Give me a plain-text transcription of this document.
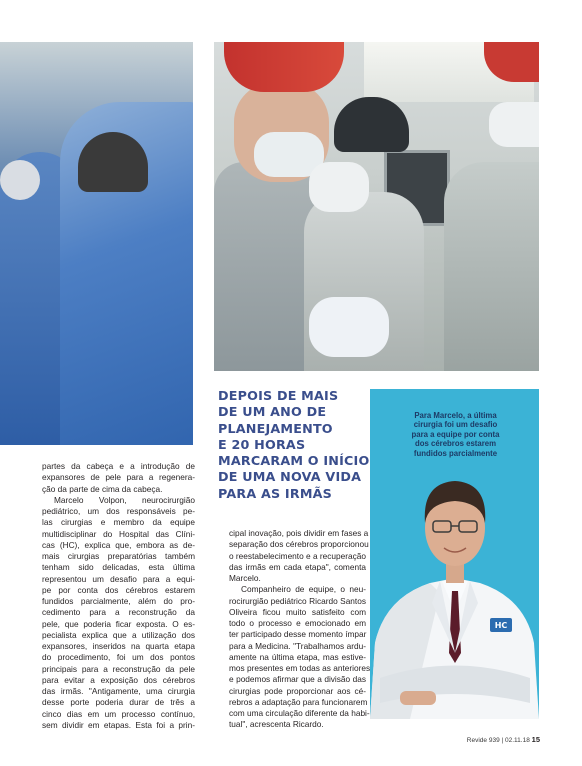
DEPOIS DE MAIS
DE UM ANO DE
PLANEJAMENTO
E 20 HORAS
MARCARAM O INÍCIO
DE UMA NOVA VIDA
PARA AS IRMÃS
Para Marcelo, a última
cirurgia foi um desafio
para a equipe por conta
dos cérebros estarem
fundidos parcialmente
HC

partes da cabeça e a introdução de

expansores de pele para a regenera-

ção da parte de cima da cabeça.

Marcelo Volpon, neurocirurgião

pediátrico, um dos responsáveis pe-

las cirurgias e membro da equipe

multidisciplinar do Hospital das Clíni-

cas (HC), explica que, embora as de-

mais cirurgias preparatórias também

tenham sido delicadas, esta última

representou um desafio para a equi-

pe por conta dos cérebros estarem

fundidos parcialmente, além do pro-

cedimento para a reconstrução da

pele, que poderia ficar exposta. O es-

pecialista explica que a utilização dos

expansores, inseridos na quarta etapa

do procedimento, foi um dos pontos

principais para a reconstrução da pele

para evitar a exposição dos cérebros

das irmãs. "Antigamente, uma cirurgia

desse porte poderia durar de três a

cinco dias em um processo contínuo,

sem dividir em etapas. Esta foi a prin-

cipal inovação, pois dividir em fases a

separação dos cérebros proporcionou

o reestabelecimento e a recuperação

das irmãs em cada etapa", comenta

Marcelo.

Companheiro de equipe, o neu-

rocirurgião pediátrico Ricardo Santos

Oliveira ficou muito satisfeito com

todo o processo e emocionado em

ter participado desse momento ímpar

para a Medicina. "Trabalhamos ardu-

amente na última etapa, mas estive-

mos presentes em todas as anteriores

e podemos afirmar que a divisão das

cirurgias pode proporcionar aos cé-

rebros a adaptação para funcionarem

com uma circulação diferente da habi-

tual", acrescenta Ricardo.

Revide 939 | 02.11.18 15
